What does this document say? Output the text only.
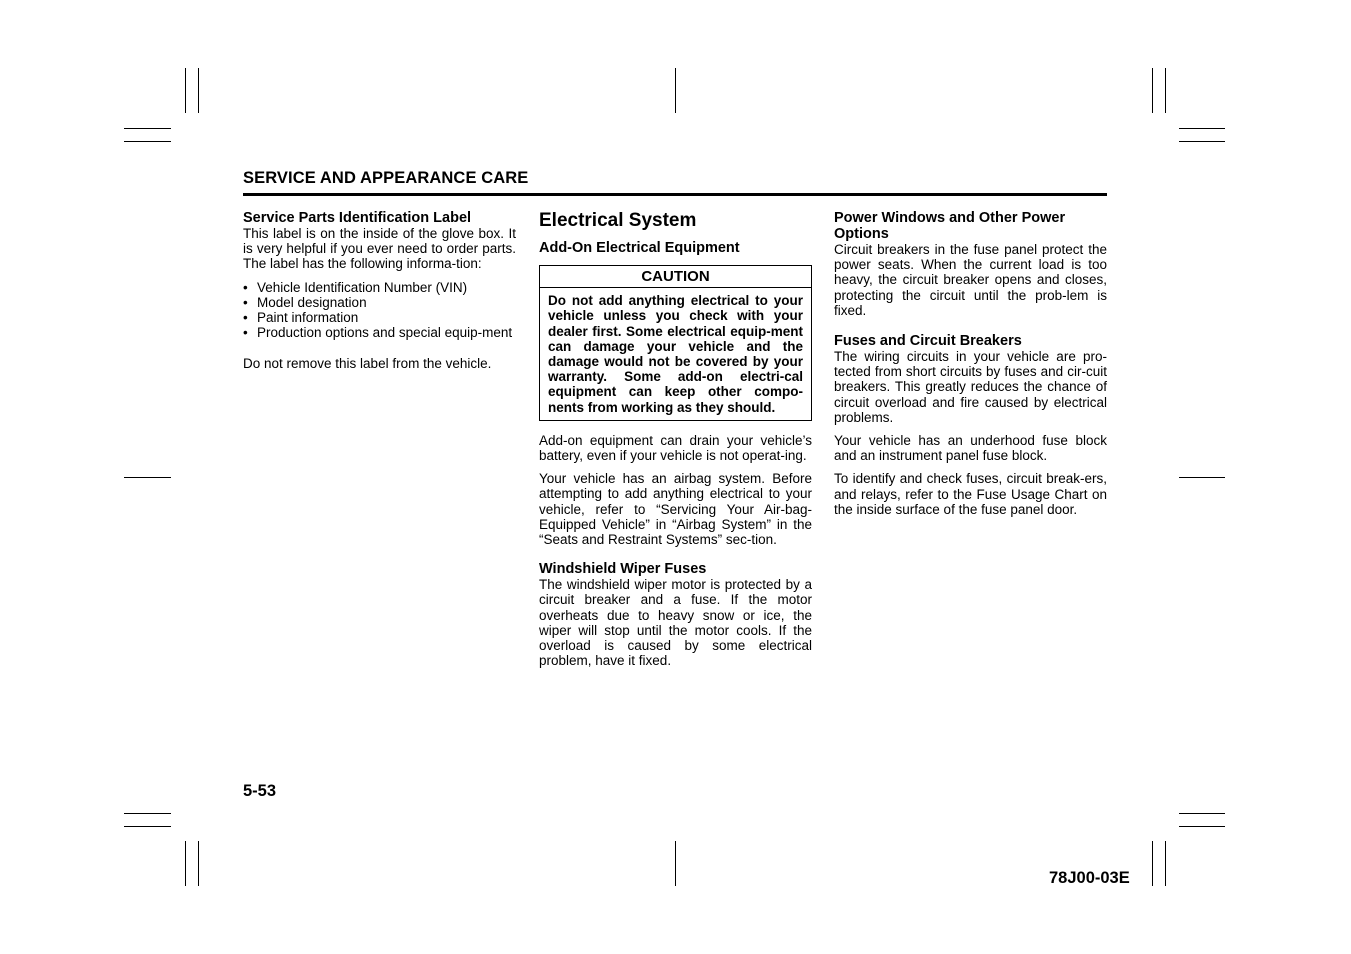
SERVICE AND APPEARANCE CARE
Service Parts Identification Label

This label is on the inside of the glove box. It is very helpful if you ever need to order parts. The label has the following informa-tion:

• Vehicle Identification Number (VIN)
• Model designation
• Paint information
• Production options and special equip-ment

Do not remove this label from the vehicle.

Electrical System
Add-On Electrical Equipment
CAUTION
Do not add anything electrical to your vehicle unless you check with your dealer first. Some electrical equip-ment can damage your vehicle and the damage would not be covered by your warranty. Some add-on electri-cal equipment can keep other compo-nents from working as they should.

Add-on equipment can drain your vehicle’s battery, even if your vehicle is not operat-ing.

Your vehicle has an airbag system. Before attempting to add anything electrical to your vehicle, refer to “Servicing Your Air-bag-Equipped Vehicle” in “Airbag System” in the “Seats and Restraint Systems” sec-tion.

Windshield Wiper Fuses

The windshield wiper motor is protected by a circuit breaker and a fuse. If the motor overheats due to heavy snow or ice, the wiper will stop until the motor cools. If the overload is caused by some electrical problem, have it fixed.

Power Windows and Other Power Options

Circuit breakers in the fuse panel protect the power seats. When the current load is too heavy, the circuit breaker opens and closes, protecting the circuit until the prob-lem is fixed.

Fuses and Circuit Breakers

The wiring circuits in your vehicle are pro-tected from short circuits by fuses and cir-cuit breakers. This greatly reduces the chance of circuit overload and fire caused by electrical problems.

Your vehicle has an underhood fuse block and an instrument panel fuse block.

To identify and check fuses, circuit break-ers, and relays, refer to the Fuse Usage Chart on the inside surface of the fuse panel door.

5-53
78J00-03E
